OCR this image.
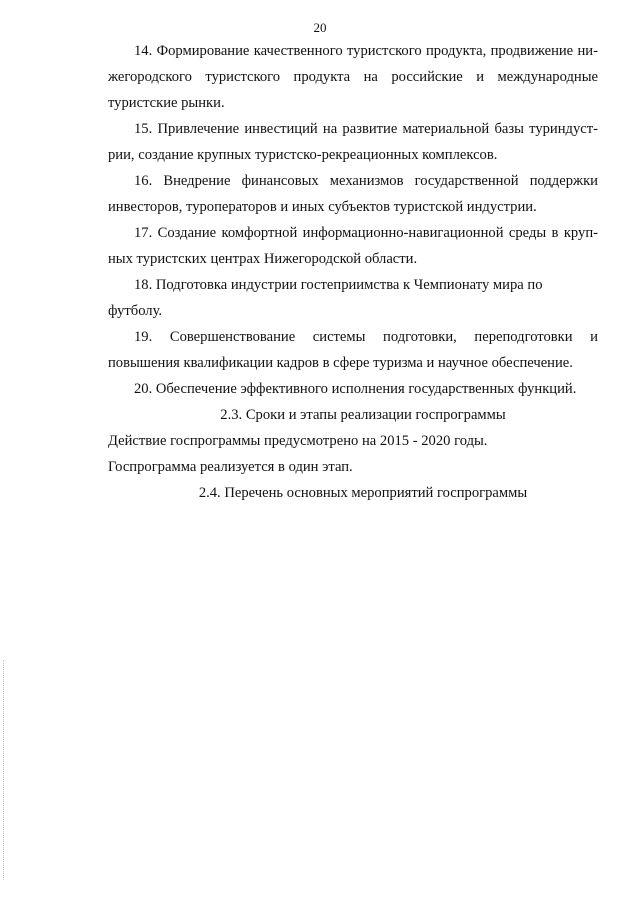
20

14. Формирование качественного туристского продукта, продвижение нижегородского туристского продукта на российские и международные туристские рынки.

15. Привлечение инвестиций на развитие материальной базы туриндустрии, создание крупных туристско-рекреационных комплексов.

16. Внедрение финансовых механизмов государственной поддержки инвесторов, туроператоров и иных субъектов туристской индустрии.

17. Создание комфортной информационно-навигационной среды в крупных туристских центрах Нижегородской области.

18. Подготовка индустрии гостеприимства к Чемпионату мира по футболу.

19. Совершенствование системы подготовки, переподготовки и повышения квалификации кадров в сфере туризма и научное обеспечение.

20. Обеспечение эффективного исполнения государственных функций.

2.3. Сроки и этапы реализации госпрограммы

Действие госпрограммы предусмотрено на 2015 - 2020 годы.

Госпрограмма реализуется в один этап.

2.4. Перечень основных мероприятий госпрограммы
